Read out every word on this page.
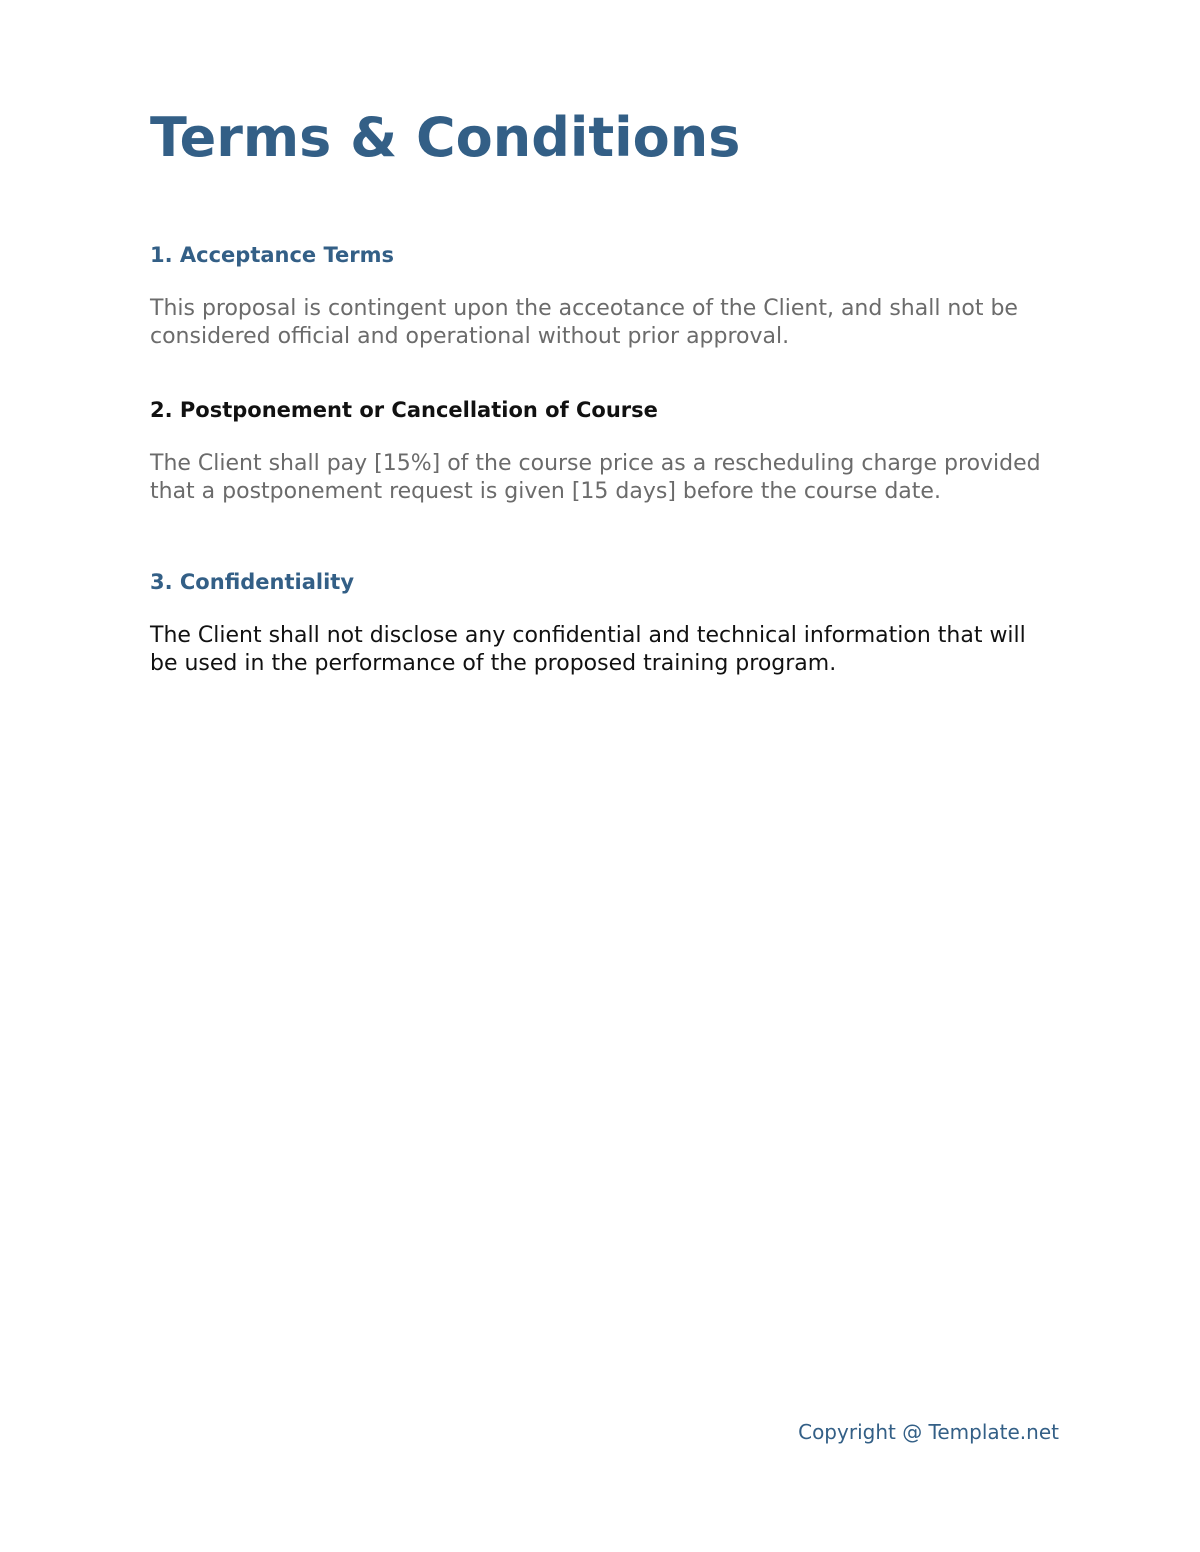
Terms & Conditions
1. Acceptance Terms

This proposal is contingent upon the acceotance of the Client, and shall not be considered official and operational without prior approval.

2. Postponement or Cancellation of Course

The Client shall pay [15%] of the course price as a rescheduling charge provided that a postponement request is given [15 days] before the course date.

3. Confidentiality

The Client shall not disclose any confidential and technical information that will be used in the performance of the proposed training program.

Copyright @ Template.net
